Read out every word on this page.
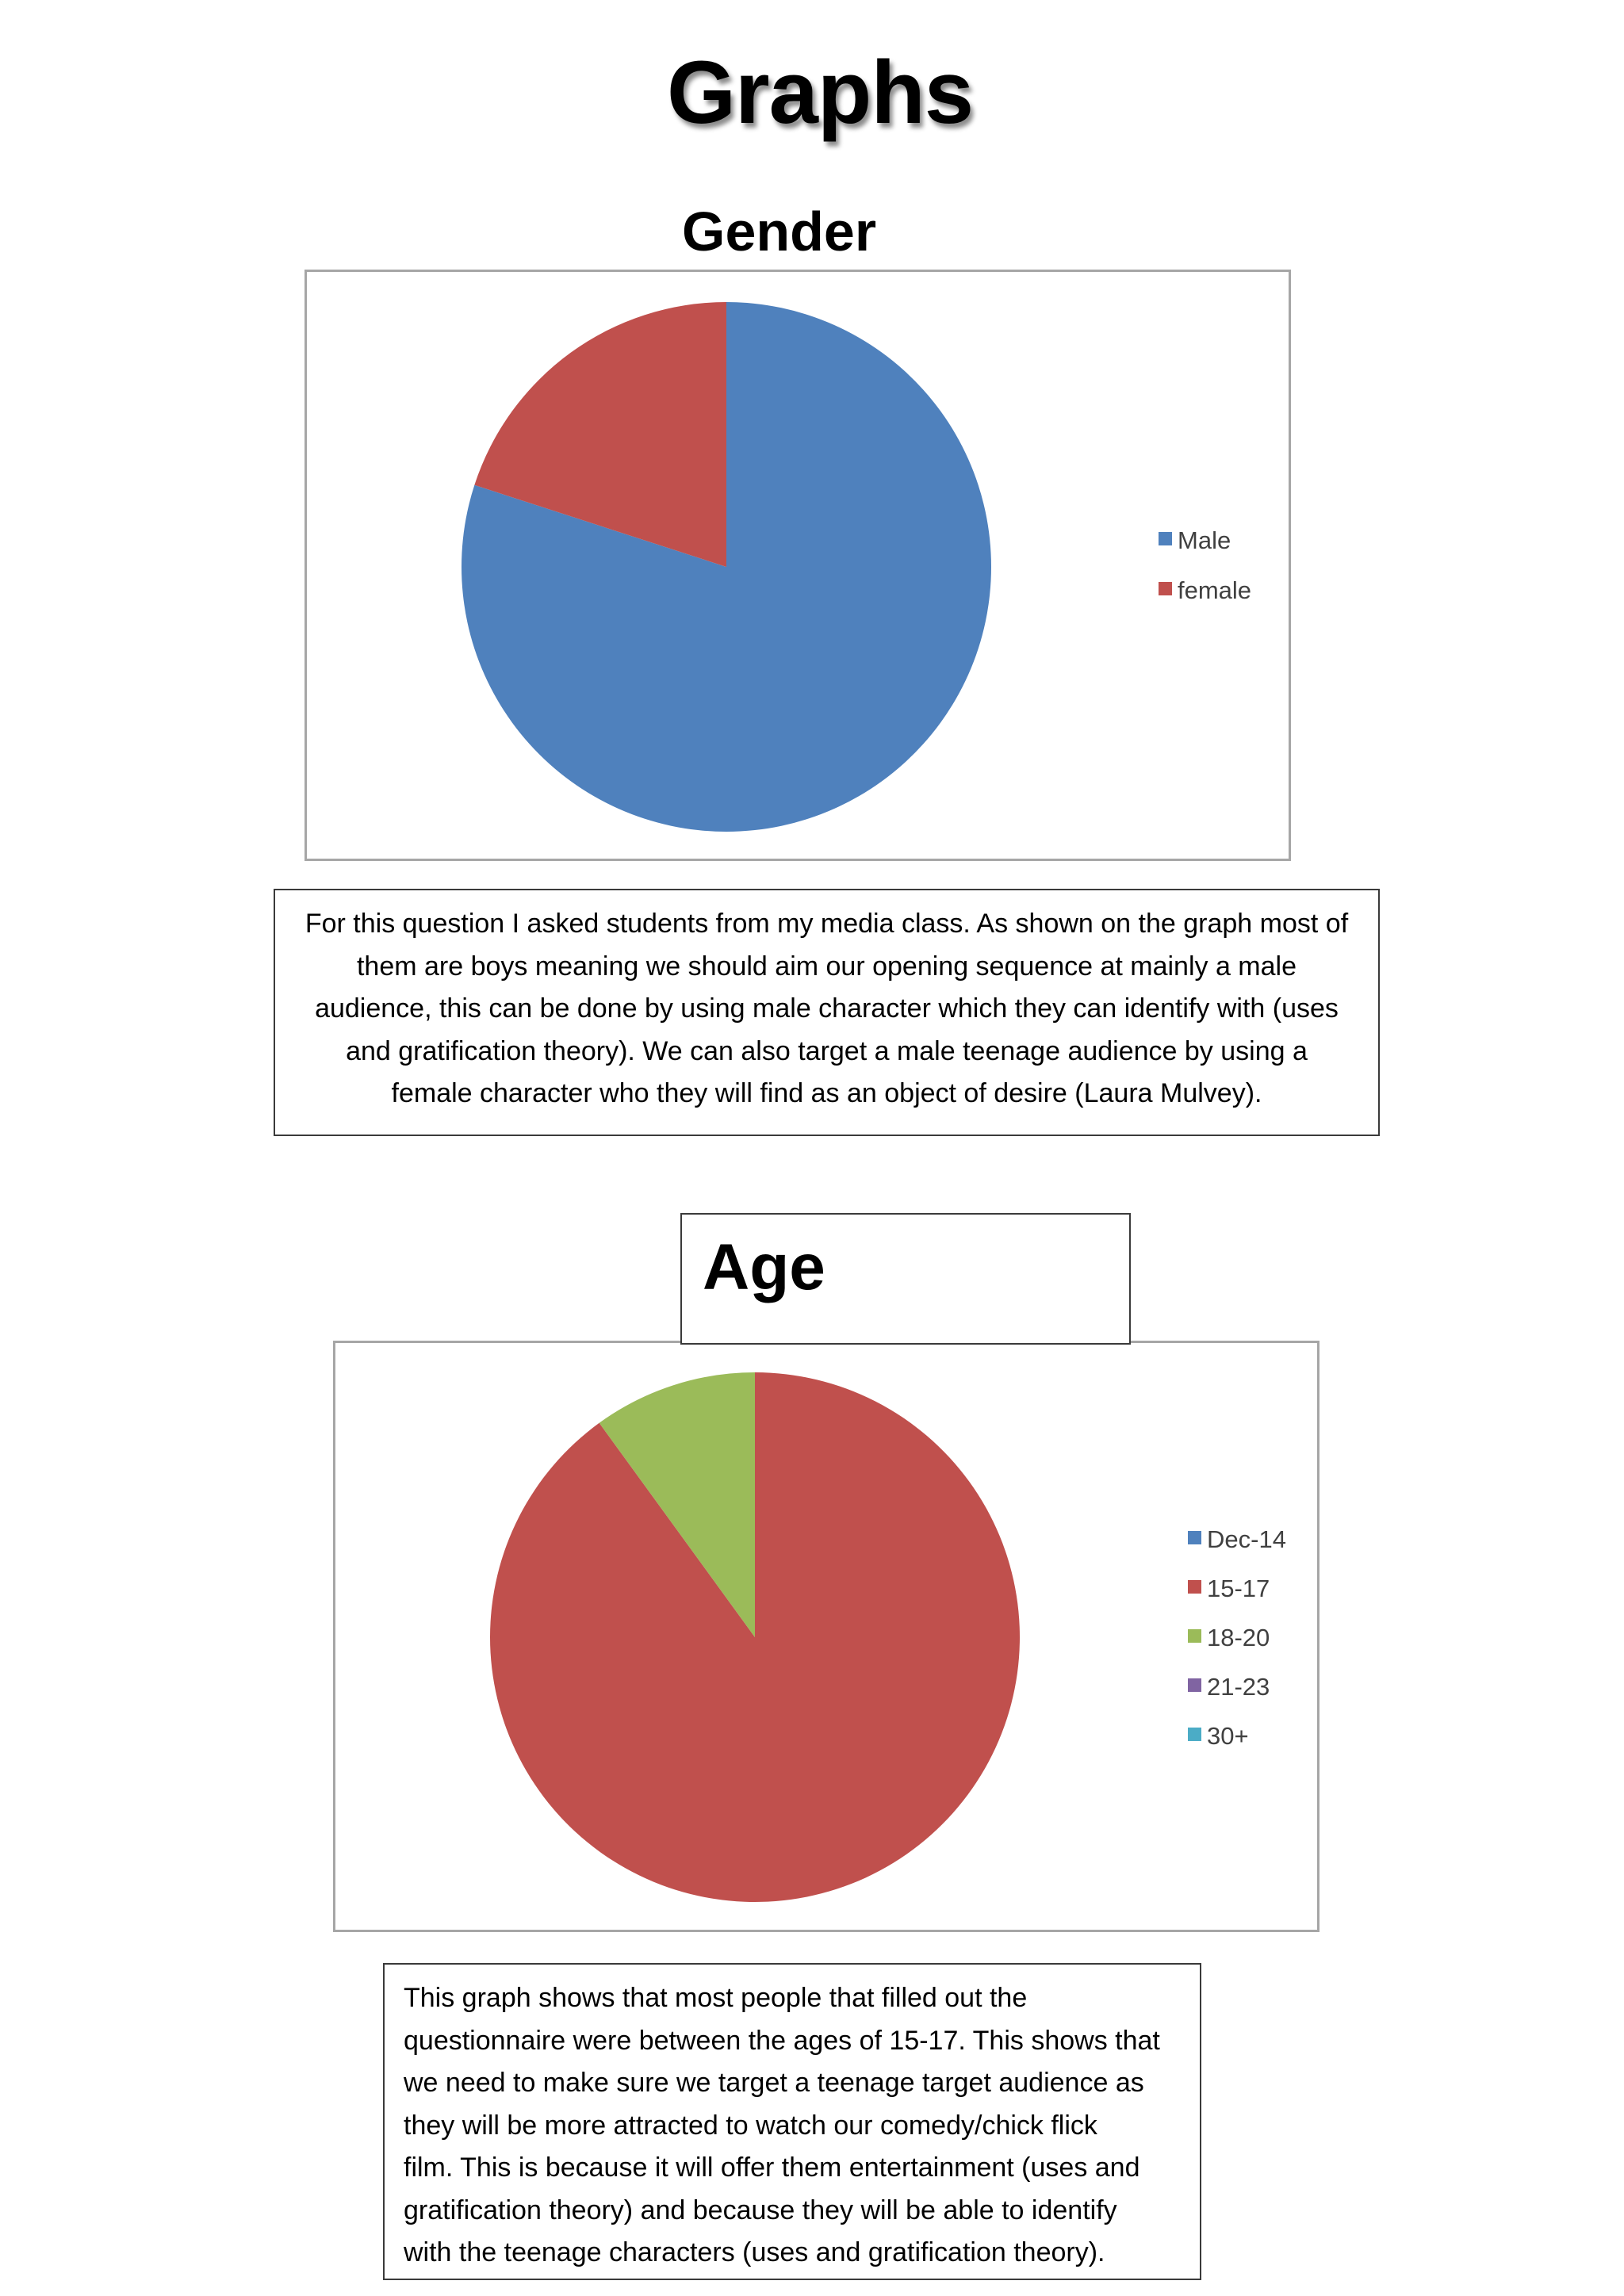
Graphs
Gender
Male
female
For this question I asked students from my media class. As shown on the graph most of
them are boys meaning we should aim our opening sequence at mainly a male
audience, this can be done by using male character which they can identify with (uses
and gratification theory). We can also target a male teenage audience by using a
female character who they will find as an object of desire (Laura Mulvey).
Dec-14
15-17
18-20
21-23
30+
Age
This graph shows that most people that filled out the
questionnaire were between the ages of 15-17. This shows that
we need to make sure we target a teenage target audience as
they will be more attracted to watch our comedy/chick flick
film. This is because it will offer them entertainment (uses and
gratification theory) and because they will be able to identify
with the teenage characters (uses and gratification theory).
